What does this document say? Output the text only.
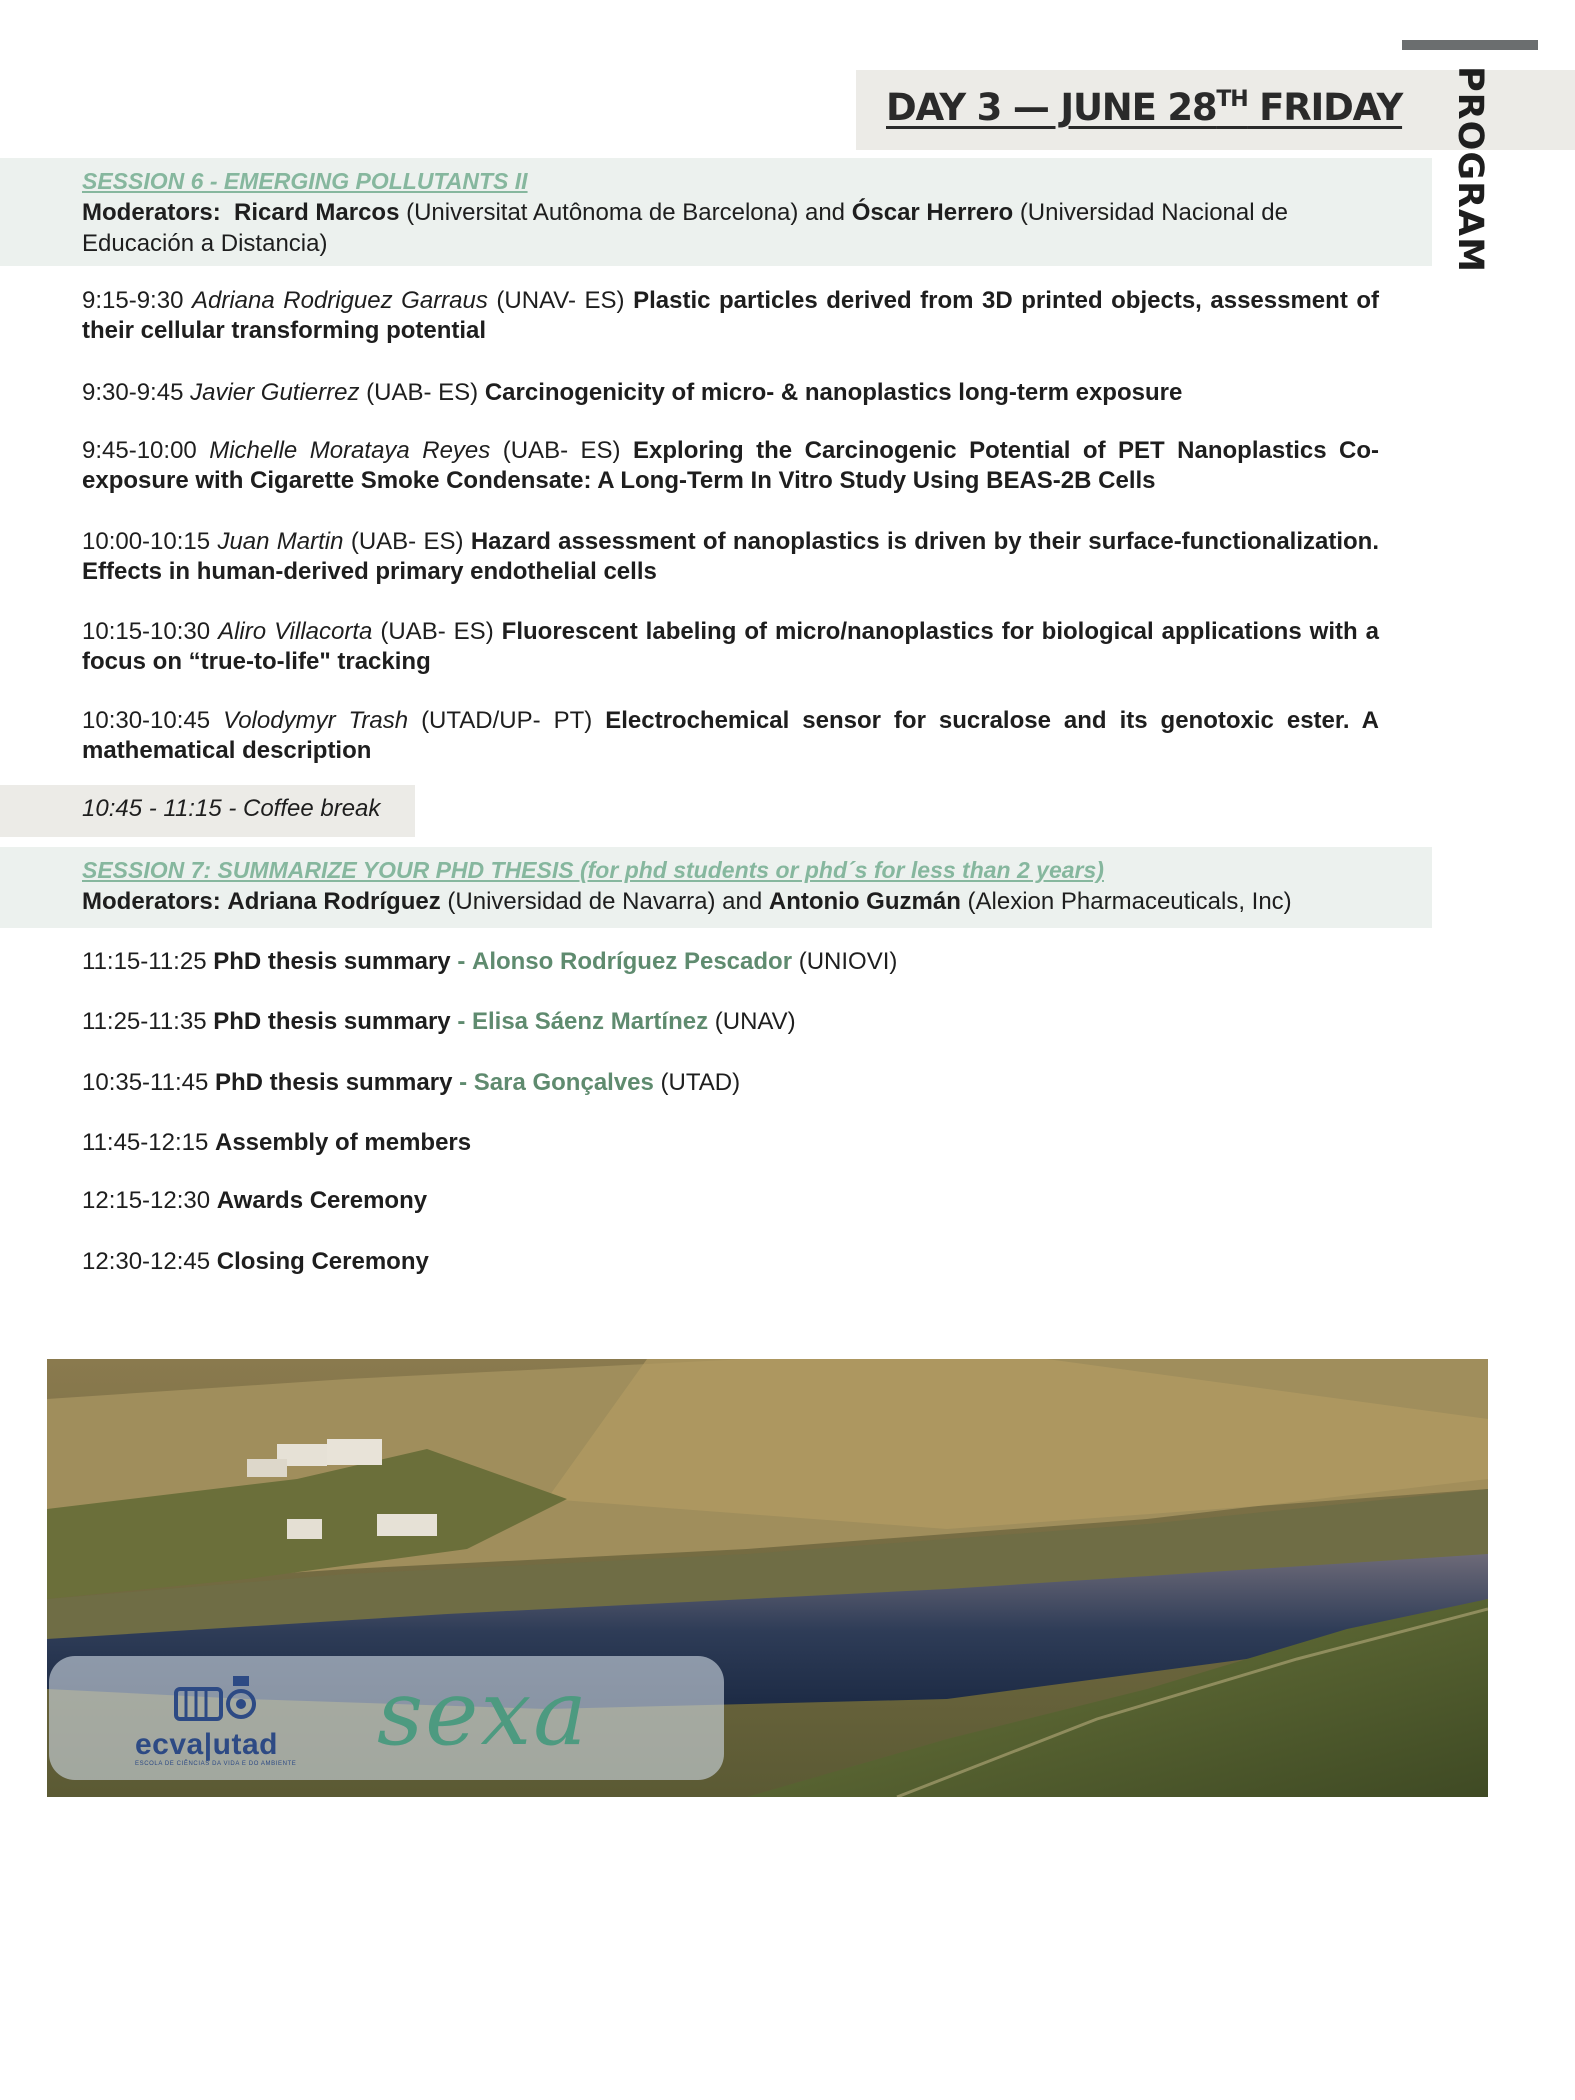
DAY 3 — JUNE 28TH FRIDAY PROGRAM
SESSION 6 - EMERGING POLLUTANTS II
Moderators: Ricard Marcos (Universitat Autônoma de Barcelona) and Óscar Herrero (Universidad Nacional de Educación a Distancia)
9:15-9:30 Adriana Rodriguez Garraus (UNAV- ES) Plastic particles derived from 3D printed objects, assessment of their cellular transforming potential
9:30-9:45 Javier Gutierrez (UAB- ES) Carcinogenicity of micro- & nanoplastics long-term exposure
9:45-10:00 Michelle Morataya Reyes (UAB- ES) Exploring the Carcinogenic Potential of PET Nanoplastics Co-exposure with Cigarette Smoke Condensate: A Long-Term In Vitro Study Using BEAS-2B Cells
10:00-10:15 Juan Martin (UAB- ES) Hazard assessment of nanoplastics is driven by their surface-functionalization. Effects in human-derived primary endothelial cells
10:15-10:30 Aliro Villacorta (UAB- ES) Fluorescent labeling of micro/nanoplastics for biological applications with a focus on “true-to-life" tracking
10:30-10:45 Volodymyr Trash (UTAD/UP- PT) Electrochemical sensor for sucralose and its genotoxic ester. A mathematical description
10:45 - 11:15 - Coffee break
SESSION 7: SUMMARIZE YOUR PHD THESIS (for phd students or phd´s for less than 2 years)
Moderators: Adriana Rodríguez (Universidad de Navarra) and Antonio Guzmán (Alexion Pharmaceuticals, Inc)
11:15-11:25 PhD thesis summary - Alonso Rodríguez Pescador (UNIOVI)
11:25-11:35 PhD thesis summary - Elisa Sáenz Martínez (UNAV)
10:35-11:45 PhD thesis summary - Sara Gonçalves (UTAD)
11:45-12:15 Assembly of members
12:15-12:30 Awards Ceremony
12:30-12:45 Closing Ceremony
ecva|utad
ESCOLA DE CIÊNCIAS DA VIDA E DO AMBIENTE sexa
